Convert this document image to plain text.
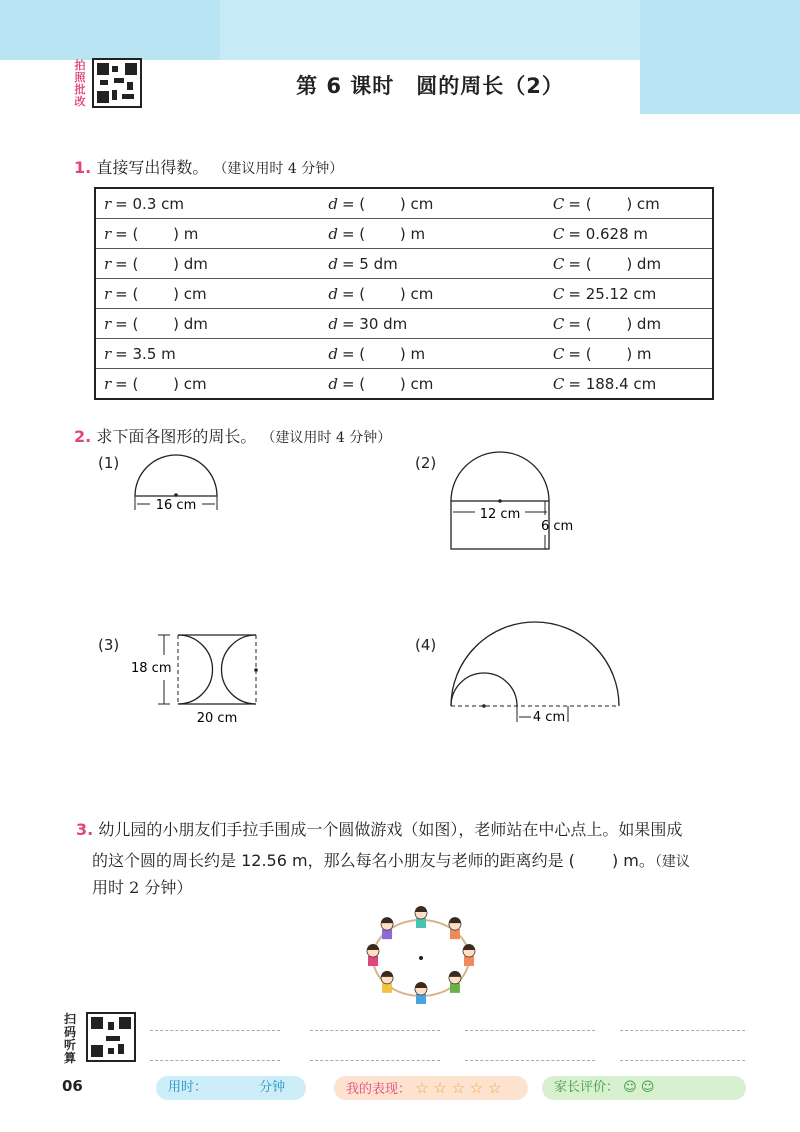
第 6 课时　圆的周长（2）
拍照批改
1. 直接写出得数。 （建议用时 4 分钟）
r = 0.3 cm	d = (　　 ) cm	C = (　　 ) cm
r = (　　 ) m	d = (　　 ) m	C = 0.628 m
r = (　　 ) dm	d = 5 dm	C = (　　 ) dm
r = (　　 ) cm	d = (　　 ) cm	C = 25.12 cm
r = (　　 ) dm	d = 30 dm	C = (　　 ) dm
r = 3.5 m	d = (　　 ) m	C = (　　 ) m
r = (　　 ) cm	d = (　　 ) cm	C = 188.4 cm
2. 求下面各图形的周长。 （建议用时 4 分钟）
(1)	(2)
(3)	(4)
16 cm
12 cm
6 cm
18 cm
20 cm	4 cm
3. 幼儿园的小朋友们手拉手围成一个圆做游戏（如图），老师站在中心点上。如果围成
的这个圆的周长约是 12.56 m，那么每名小朋友与老师的距离约是 (　　 ) m。（建议
用时 2 分钟）
扫码听算
06	用时：	分钟	我的表现： ☆ ☆ ☆ ☆ ☆	家长评价： ☺ ☺
